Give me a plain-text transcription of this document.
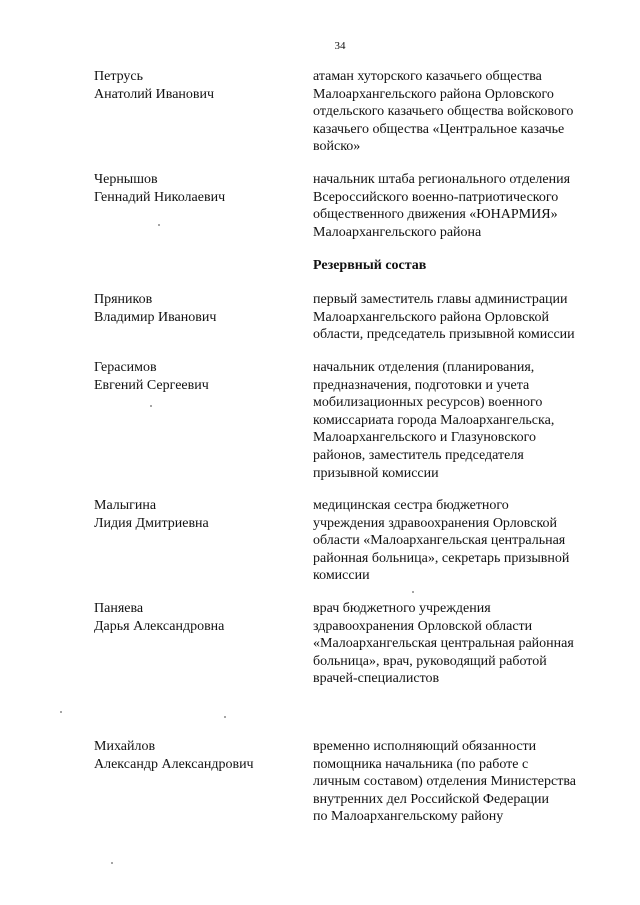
34
Петрусь
Анатолий Иванович
атаман хуторского казачьего общества
Малоархангельского района Орловского
отдельского казачьего общества войскового
казачьего общества «Центральное казачье
войско»
Чернышов
Геннадий Николаевич
начальник штаба регионального отделения
Всероссийского военно-патриотического
общественного движения «ЮНАРМИЯ»
Малоархангельского района
Резервный состав
Пряников
Владимир Иванович
первый заместитель главы администрации
Малоархангельского района Орловской
области, председатель призывной комиссии
Герасимов
Евгений Сергеевич
начальник отделения (планирования,
предназначения, подготовки и учета
мобилизационных ресурсов) военного
комиссариата города Малоархангельска,
Малоархангельского и Глазуновского
районов, заместитель председателя
призывной комиссии
Малыгина
Лидия Дмитриевна
медицинская сестра бюджетного
учреждения здравоохранения Орловской
области «Малоархангельская центральная
районная больница», секретарь призывной
комиссии
Паняева
Дарья Александровна
врач бюджетного учреждения
здравоохранения Орловской области
«Малоархангельская центральная районная
больница», врач, руководящий работой
врачей-специалистов
Михайлов
Александр Александрович
временно исполняющий обязанности
помощника начальника (по работе с
личным составом) отделения Министерства
внутренних дел Российской Федерации
по Малоархангельскому району
